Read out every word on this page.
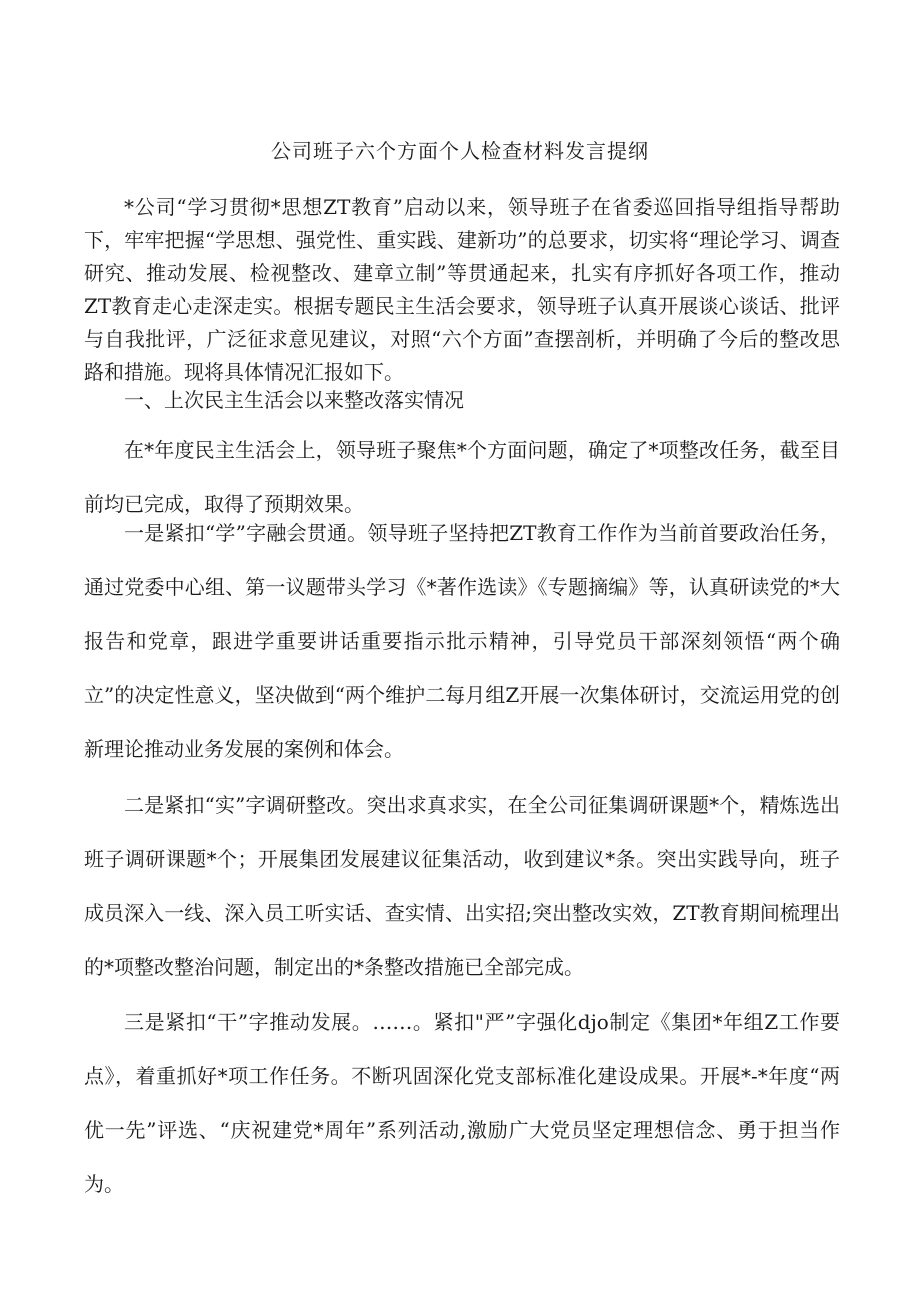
公司班子六个方面个人检查材料发言提纲

*公司“学习贯彻*思想ZT教育”启动以来，领导班子在省委巡回指导组指导帮助下，牢牢把握“学思想、强党性、重实践、建新功”的总要求，切实将“理论学习、调查研究、推动发展、检视整改、建章立制”等贯通起来，扎实有序抓好各项工作，推动ZT教育走心走深走实。根据专题民主生活会要求，领导班子认真开展谈心谈话、批评与自我批评，广泛征求意见建议，对照“六个方面”查摆剖析，并明确了今后的整改思路和措施。现将具体情况汇报如下。

一、上次民主生活会以来整改落实情况

在*年度民主生活会上，领导班子聚焦*个方面问题，确定了*项整改任务，截至目前均已完成，取得了预期效果。

一是紧扣“学”字融会贯通。领导班子坚持把ZT教育工作作为当前首要政治任务，通过党委中心组、第一议题带头学习《*著作选读》《专题摘编》等，认真研读党的*大报告和党章，跟进学重要讲话重要指示批示精神，引导党员干部深刻领悟“两个确立”的决定性意义，坚决做到“两个维护二每月组Z开展一次集体研讨，交流运用党的创新理论推动业务发展的案例和体会。

二是紧扣“实”字调研整改。突出求真求实，在全公司征集调研课题*个，精炼选出班子调研课题*个；开展集团发展建议征集活动，收到建议*条。突出实践导向，班子成员深入一线、深入员工听实话、查实情、出实招;突出整改实效，ZT教育期间梳理出的*项整改整治问题，制定出的*条整改措施已全部完成。

三是紧扣“干”字推动发展。……。紧扣"严”字强化djo制定《集团*年组Z工作要点》，着重抓好*项工作任务。不断巩固深化党支部标准化建设成果。开展*-*年度“两优一先”评选、“庆祝建党*周年”系列活动,激励广大党员坚定理想信念、勇于担当作为。
